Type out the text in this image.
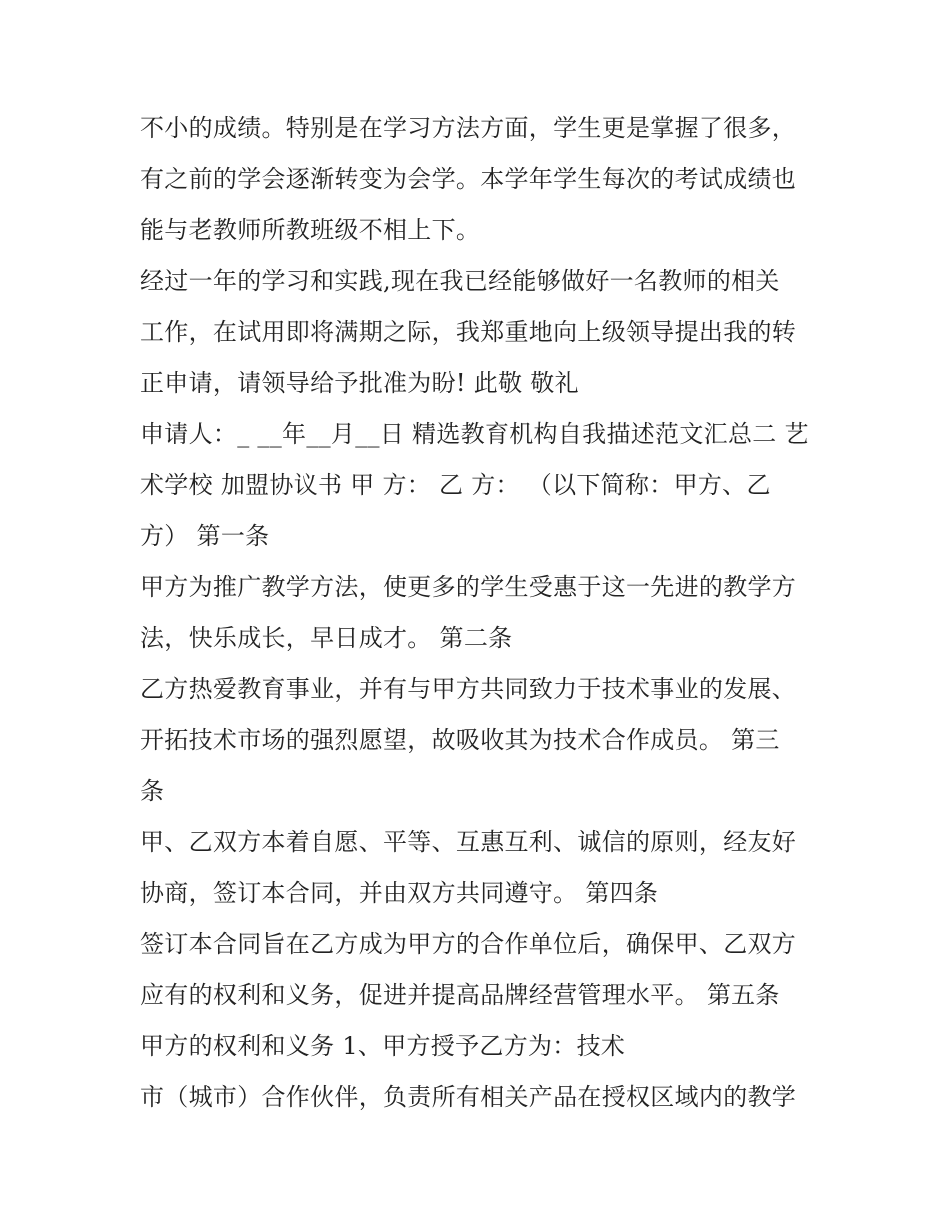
不小的成绩。特别是在学习方法方面，学生更是掌握了很多，
有之前的学会逐渐转变为会学。本学年学生每次的考试成绩也
能与老教师所教班级不相上下。
经过一年的学习和实践,现在我已经能够做好一名教师的相关
工作，在试用即将满期之际，我郑重地向上级领导提出我的转
正申请，请领导给予批准为盼! 此敬 敬礼
申请人：_ __年__月__日 精选教育机构自我描述范文汇总二 艺
术学校 加盟协议书 甲 方： 乙 方： （以下简称：甲方、乙
方） 第一条
甲方为推广教学方法，使更多的学生受惠于这一先进的教学方
法，快乐成长，早日成才。 第二条
乙方热爱教育事业，并有与甲方共同致力于技术事业的发展、
开拓技术市场的强烈愿望，故吸收其为技术合作成员。 第三
条
甲、乙双方本着自愿、平等、互惠互利、诚信的原则，经友好
协商，签订本合同，并由双方共同遵守。 第四条
签订本合同旨在乙方成为甲方的合作单位后，确保甲、乙双方
应有的权利和义务，促进并提高品牌经营管理水平。 第五条
甲方的权利和义务 1、甲方授予乙方为：技术
市（城市）合作伙伴，负责所有相关产品在授权区域内的教学
